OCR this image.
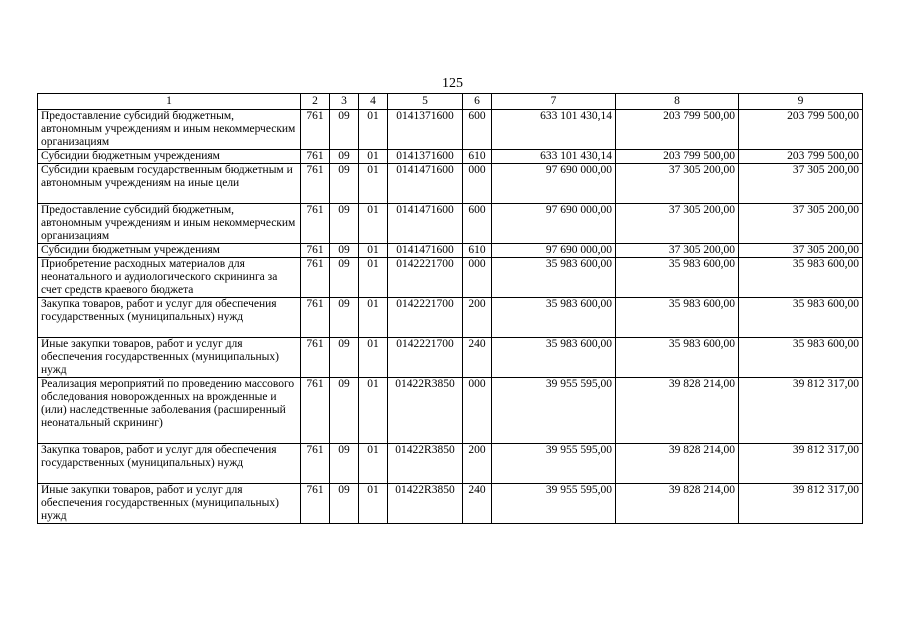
125
1	2	3	4	5	6	7	8	9
Предоставление субсидий бюджетным, автономным учреждениям и иным некоммерческим организациям	761	09	01	0141371600	600	633 101 430,14	203 799 500,00	203 799 500,00
Субсидии бюджетным учреждениям	761	09	01	0141371600	610	633 101 430,14	203 799 500,00	203 799 500,00
Субсидии краевым государственным бюджетным и автономным учреждениям на иные цели	761	09	01	0141471600	000	97 690 000,00	37 305 200,00	37 305 200,00
Предоставление субсидий бюджетным, автономным учреждениям и иным некоммерческим организациям	761	09	01	0141471600	600	97 690 000,00	37 305 200,00	37 305 200,00
Субсидии бюджетным учреждениям	761	09	01	0141471600	610	97 690 000,00	37 305 200,00	37 305 200,00
Приобретение расходных материалов для неонатального и аудиологического скрининга за счет средств краевого бюджета	761	09	01	0142221700	000	35 983 600,00	35 983 600,00	35 983 600,00
Закупка товаров, работ и услуг для обеспечения государственных (муниципальных) нужд	761	09	01	0142221700	200	35 983 600,00	35 983 600,00	35 983 600,00
Иные закупки товаров, работ и услуг для обеспечения государственных (муниципальных) нужд	761	09	01	0142221700	240	35 983 600,00	35 983 600,00	35 983 600,00
Реализация мероприятий по проведению массового обследования новорожденных на врожденные и (или) наследственные заболевания (расширенный неонатальный скрининг)	761	09	01	01422R3850	000	39 955 595,00	39 828 214,00	39 812 317,00
Закупка товаров, работ и услуг для обеспечения государственных (муниципальных) нужд	761	09	01	01422R3850	200	39 955 595,00	39 828 214,00	39 812 317,00
Иные закупки товаров, работ и услуг для обеспечения государственных (муниципальных) нужд	761	09	01	01422R3850	240	39 955 595,00	39 828 214,00	39 812 317,00
